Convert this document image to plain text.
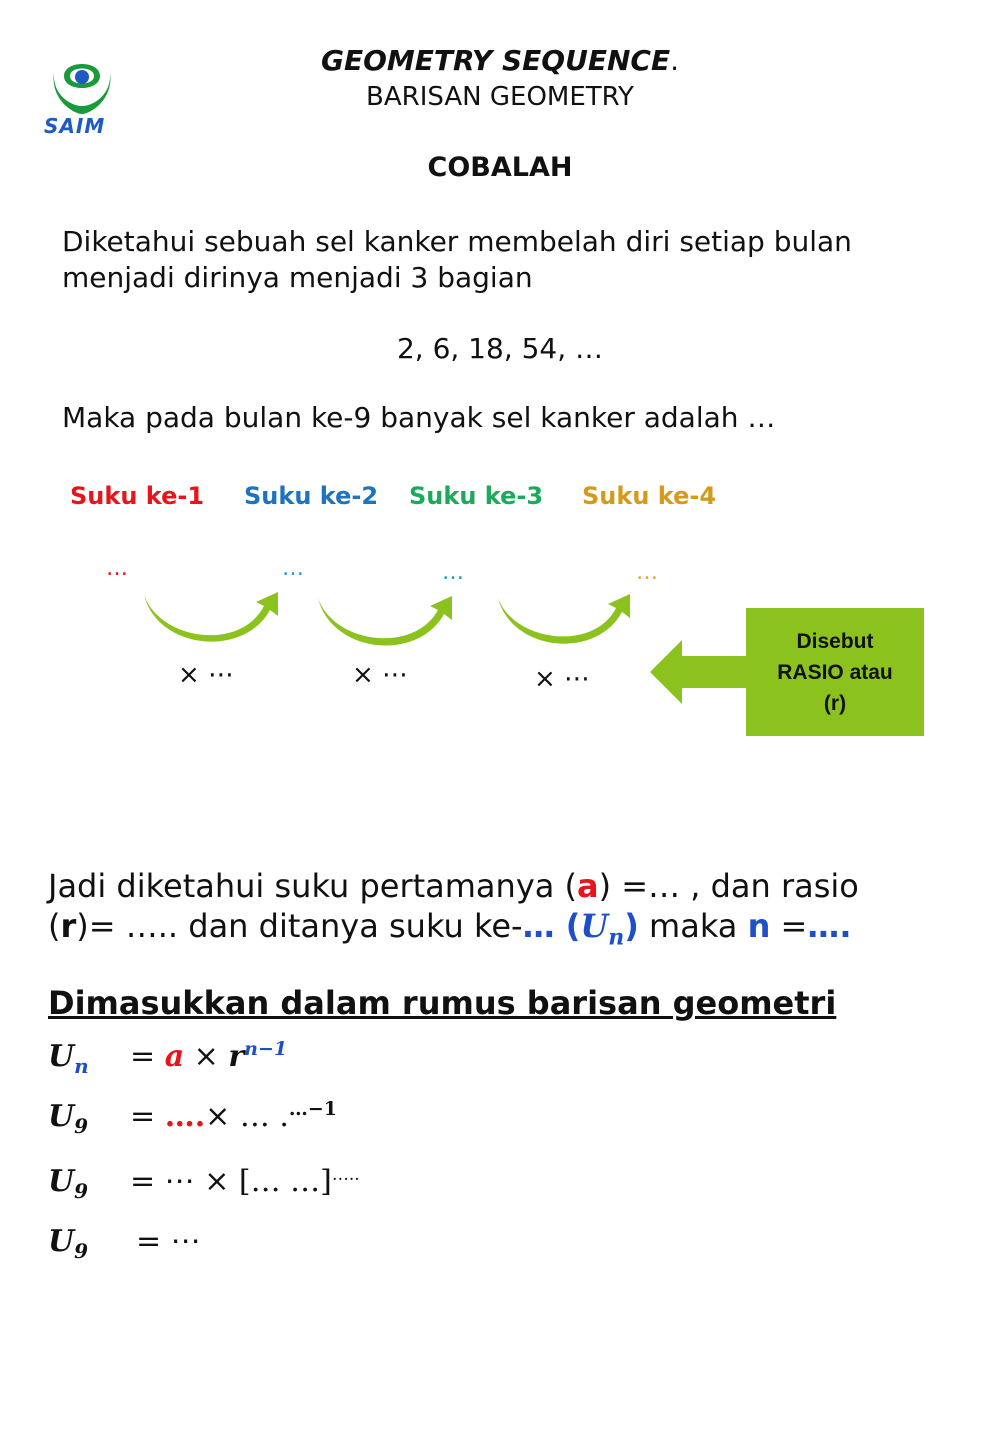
SAIM
GEOMETRY SEQUENCE.
BARISAN GEOMETRY
COBALAH
Diketahui sebuah sel kanker membelah diri setiap bulan menjadi dirinya menjadi 3 bagian
2, 6, 18, 54, …
Maka pada bulan ke-9 banyak sel kanker adalah …
Suku ke-1 Suku ke-2 Suku ke-3 Suku ke-4
…	…	…	…
× ⋯	× ⋯	× ⋯
Disebut
RASIO atau
(r)
Jadi diketahui suku pertamanya (a) =… , dan rasio
(r)= ….. dan ditanya suku ke-… $(U_n)$ maka n =….
Dimasukkan dalam rumus barisan geometri
$U_n = a \times r^{n-1}$
$U_9$ = ….× … .$^{\dots-1}$
$U_9$ = ⋯ × [… …]…..
$U_9$ = ⋯
